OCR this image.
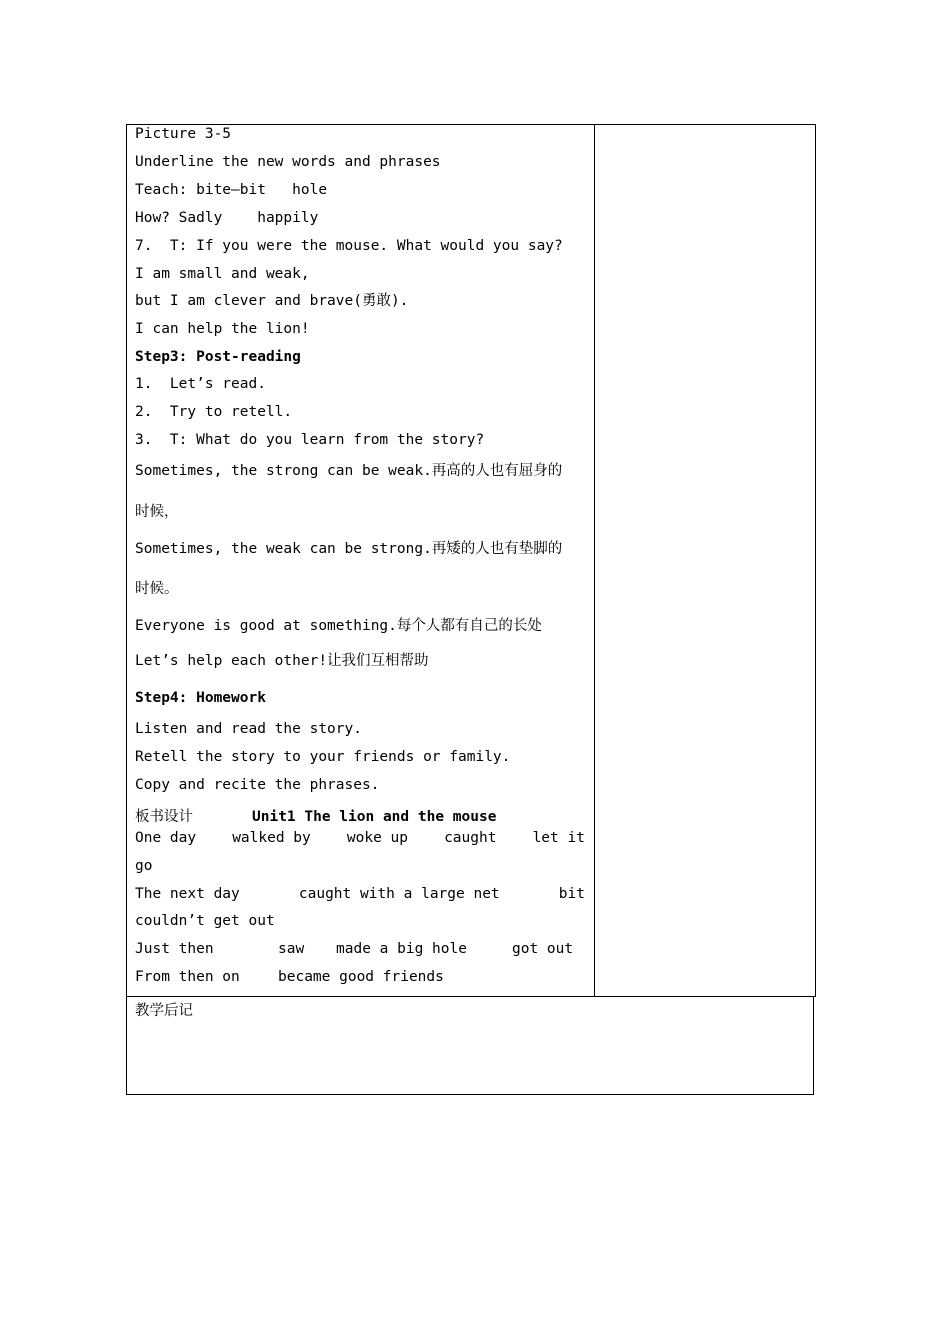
Picture 3-5
Underline the new words and phrases
Teach: bite—bit   hole
How? Sadly    happily
7.  T: If you were the mouse. What would you say?
I am small and weak,
but I am clever and brave(勇敢).
I can help the lion!
Step3: Post-reading
1.  Let’s read.
2.  Try to retell.
3.  T: What do you learn from the story?
Sometimes, the strong can be weak.再高的人也有屈身的
时候，
Sometimes, the weak can be strong.再矮的人也有垫脚的
时候。
Everyone is good at something.每个人都有自己的长处
Let’s help each other!让我们互相帮助
Step4: Homework
Listen and read the story.
Retell the story to your friends or family.
Copy and recite the phrases.
板书设计	Unit1 The lion and the mouse
One day walked by woke up caught let it
go
The next day	caught with a large net	bit
couldn’t get out
Just then	saw made a big hole	got out
From then on	became good friends
教学后记
